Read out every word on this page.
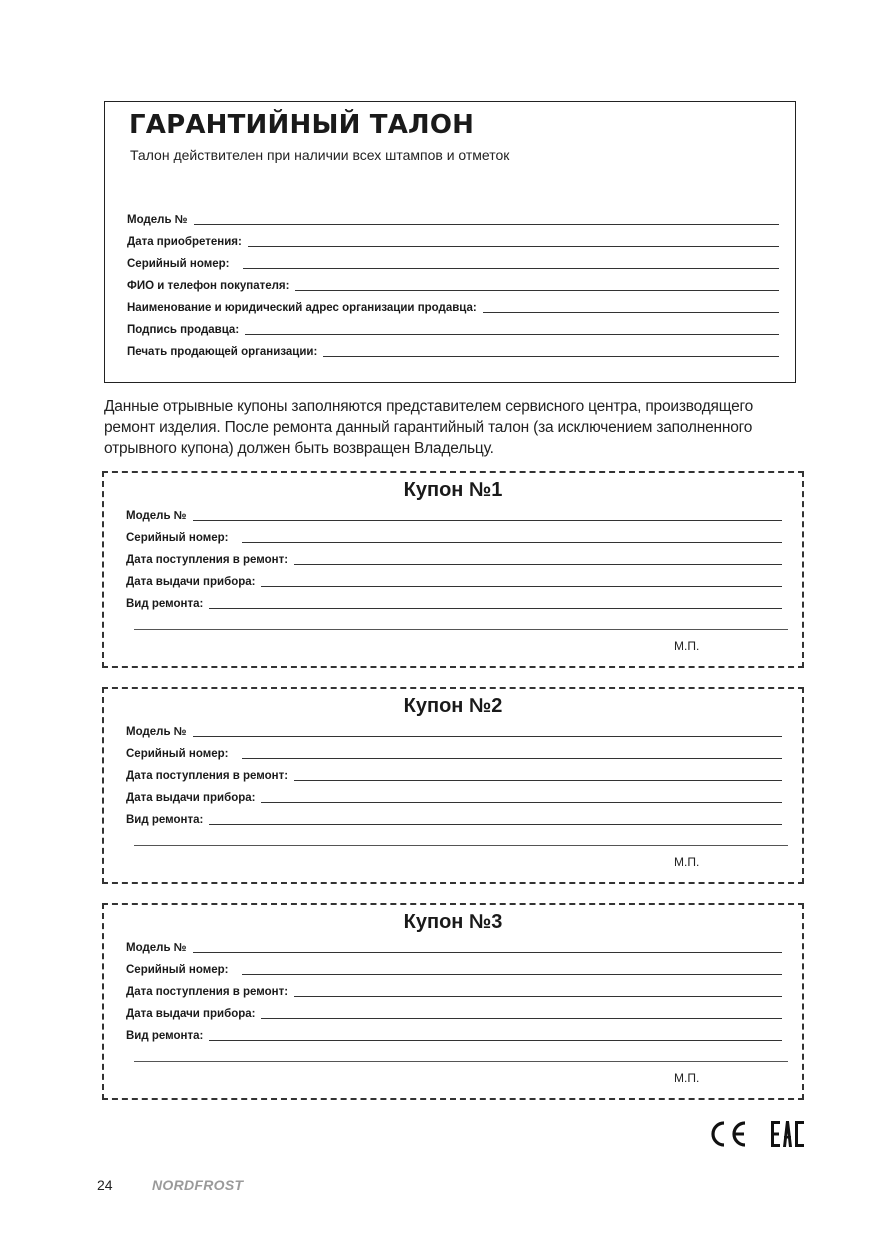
ГАРАНТИЙНЫЙ ТАЛОН
Талон действителен при наличии всех штампов и отметок
Модель №
Дата приобретения:
Серийный номер:
ФИО и телефон покупателя:
Наименование и юридический адрес организации продавца:
Подпись продавца:
Печать продающей организации:
Данные отрывные купоны заполняются представителем сервисного центра, производящего ремонт изделия. После ремонта данный гарантийный талон (за исключением заполненного отрывного купона) должен быть возвращен Владельцу.
Купон №1
Модель №
Серийный номер:
Дата поступления в ремонт:
Дата выдачи прибора:
Вид ремонта:
М.П.
Купон №2
Модель №
Серийный номер:
Дата поступления в ремонт:
Дата выдачи прибора:
Вид ремонта:
М.П.
Купон №3
Модель №
Серийный номер:
Дата поступления в ремонт:
Дата выдачи прибора:
Вид ремонта:
М.П.
24	NORDFROST
